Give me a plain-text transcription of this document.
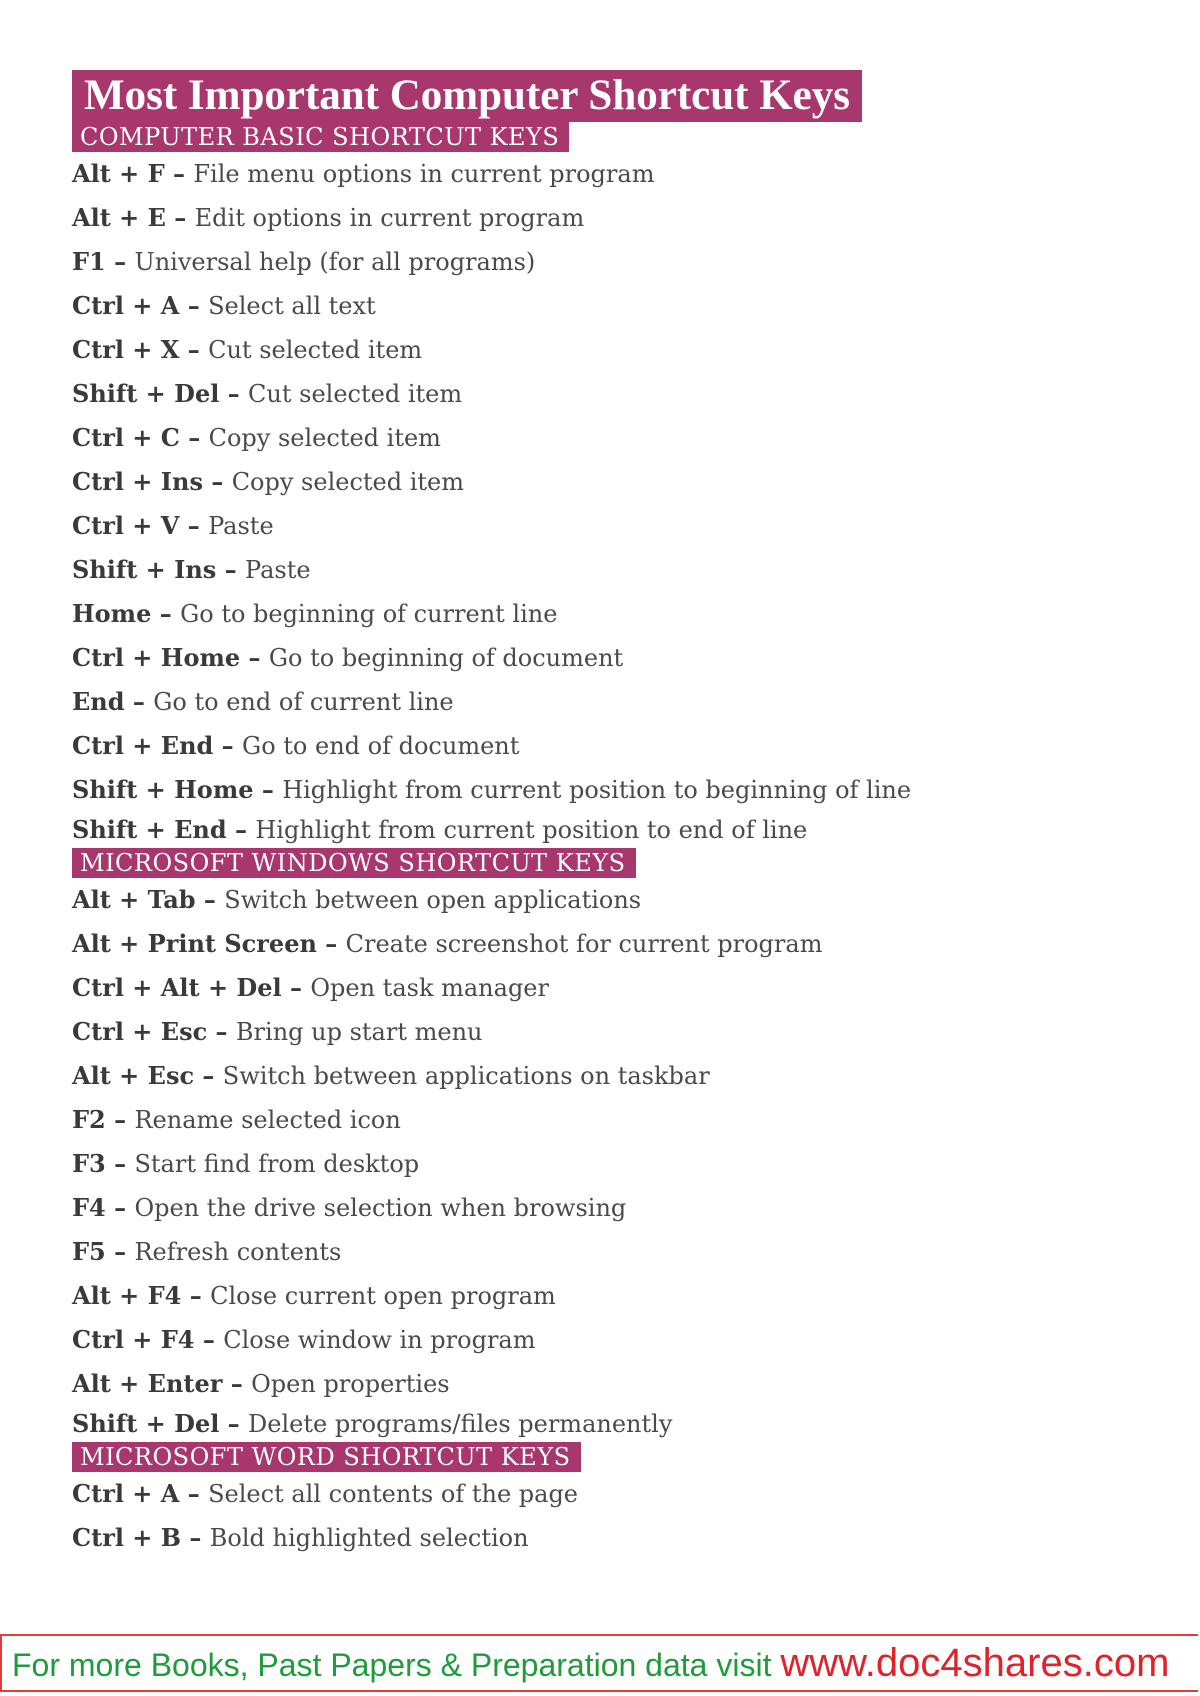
Most Important Computer Shortcut Keys
COMPUTER BASIC SHORTCUT KEYS
Alt + F – File menu options in current program
Alt + E – Edit options in current program
F1 – Universal help (for all programs)
Ctrl + A – Select all text
Ctrl + X – Cut selected item
Shift + Del – Cut selected item
Ctrl + C – Copy selected item
Ctrl + Ins – Copy selected item
Ctrl + V – Paste
Shift + Ins – Paste
Home – Go to beginning of current line
Ctrl + Home – Go to beginning of document
End – Go to end of current line
Ctrl + End – Go to end of document
Shift + Home – Highlight from current position to beginning of line
Shift + End – Highlight from current position to end of line
MICROSOFT WINDOWS SHORTCUT KEYS
Alt + Tab – Switch between open applications
Alt + Print Screen – Create screenshot for current program
Ctrl + Alt + Del – Open task manager
Ctrl + Esc – Bring up start menu
Alt + Esc – Switch between applications on taskbar
F2 – Rename selected icon
F3 – Start find from desktop
F4 – Open the drive selection when browsing
F5 – Refresh contents
Alt + F4 – Close current open program
Ctrl + F4 – Close window in program
Alt + Enter – Open properties
Shift + Del – Delete programs/files permanently
MICROSOFT WORD SHORTCUT KEYS
Ctrl + A – Select all contents of the page
Ctrl + B – Bold highlighted selection
For more Books, Past Papers & Preparation data visit www.doc4shares.com
